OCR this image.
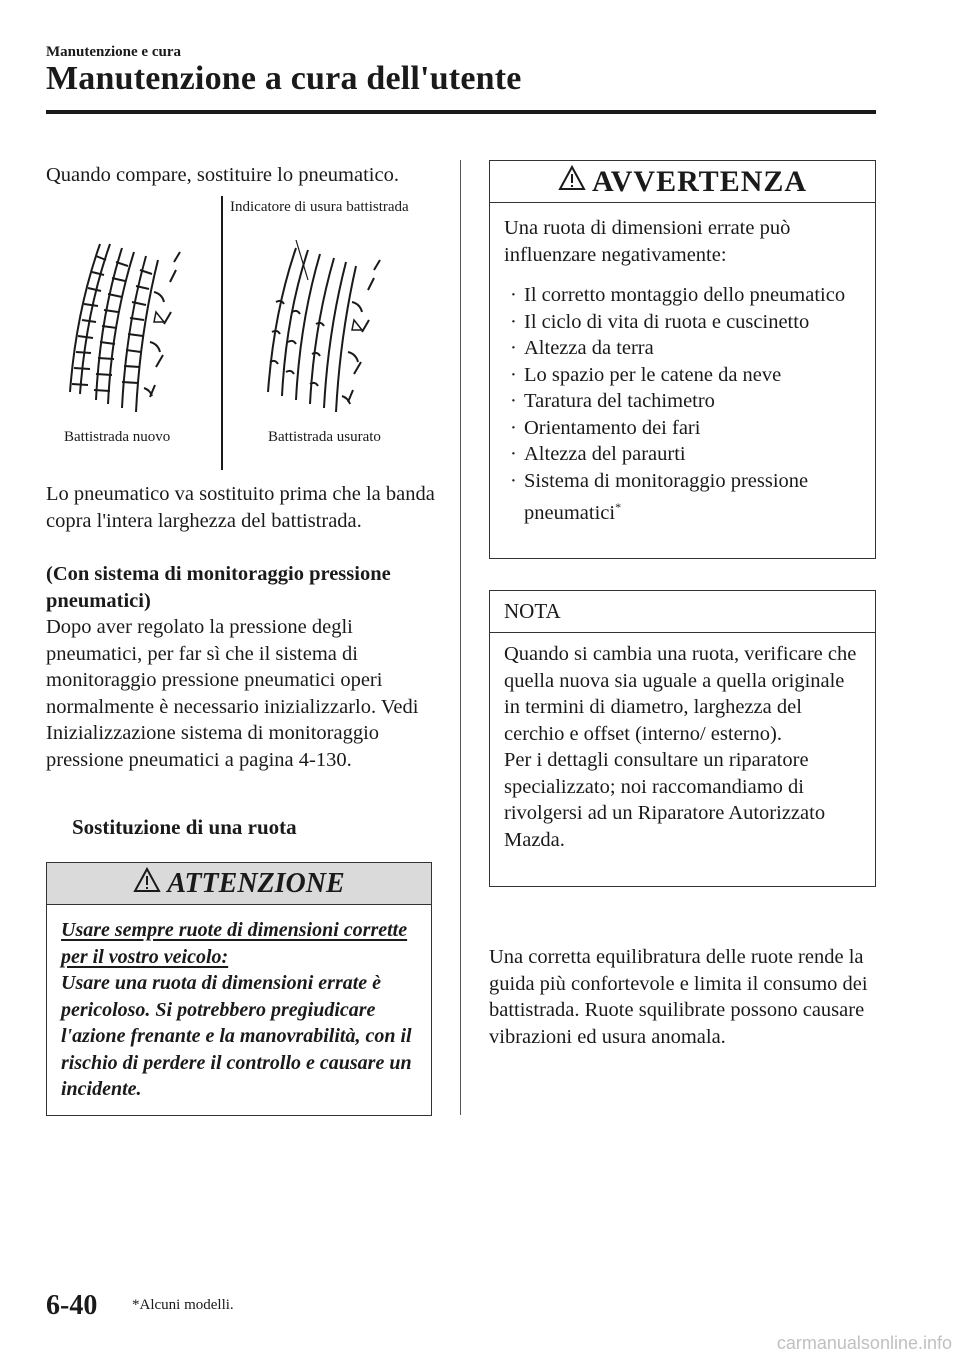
Manutenzione e cura
Manutenzione a cura dell'utente
Quando compare, sostituire lo pneumatico.
Indicatore di usura battistrada
Battistrada nuovo	Battistrada usurato
Lo pneumatico va sostituito prima che la banda copra l'intera larghezza del battistrada.
(Con sistema di monitoraggio pressione pneumatici)
Dopo aver regolato la pressione degli pneumatici, per far sì che il sistema di monitoraggio pressione pneumatici operi normalmente è necessario inizializzarlo. Vedi Inizializzazione sistema di monitoraggio pressione pneumatici a pagina 4-130.
Sostituzione di una ruota
ATTENZIONE
Usare sempre ruote di dimensioni corrette per il vostro veicolo:
Usare una ruota di dimensioni errate è pericoloso. Si potrebbero pregiudicare l'azione frenante e la manovrabilità, con il rischio di perdere il controllo e causare un incidente.
AVVERTENZA
Una ruota di dimensioni errate può influenzare negativamente:
· Il corretto montaggio dello pneumatico
· Il ciclo di vita di ruota e cuscinetto
· Altezza da terra
· Lo spazio per le catene da neve
· Taratura del tachimetro
· Orientamento dei fari
· Altezza del paraurti
· Sistema di monitoraggio pressione pneumatici*
NOTA
Quando si cambia una ruota, verificare che quella nuova sia uguale a quella originale in termini di diametro, larghezza del cerchio e offset (interno/ esterno).
Per i dettagli consultare un riparatore specializzato; noi raccomandiamo di rivolgersi ad un Riparatore Autorizzato Mazda.
Una corretta equilibratura delle ruote rende la guida più confortevole e limita il consumo dei battistrada. Ruote squilibrate possono causare vibrazioni ed usura anomala.
6-40 *Alcuni modelli.
carmanualsonline.info
